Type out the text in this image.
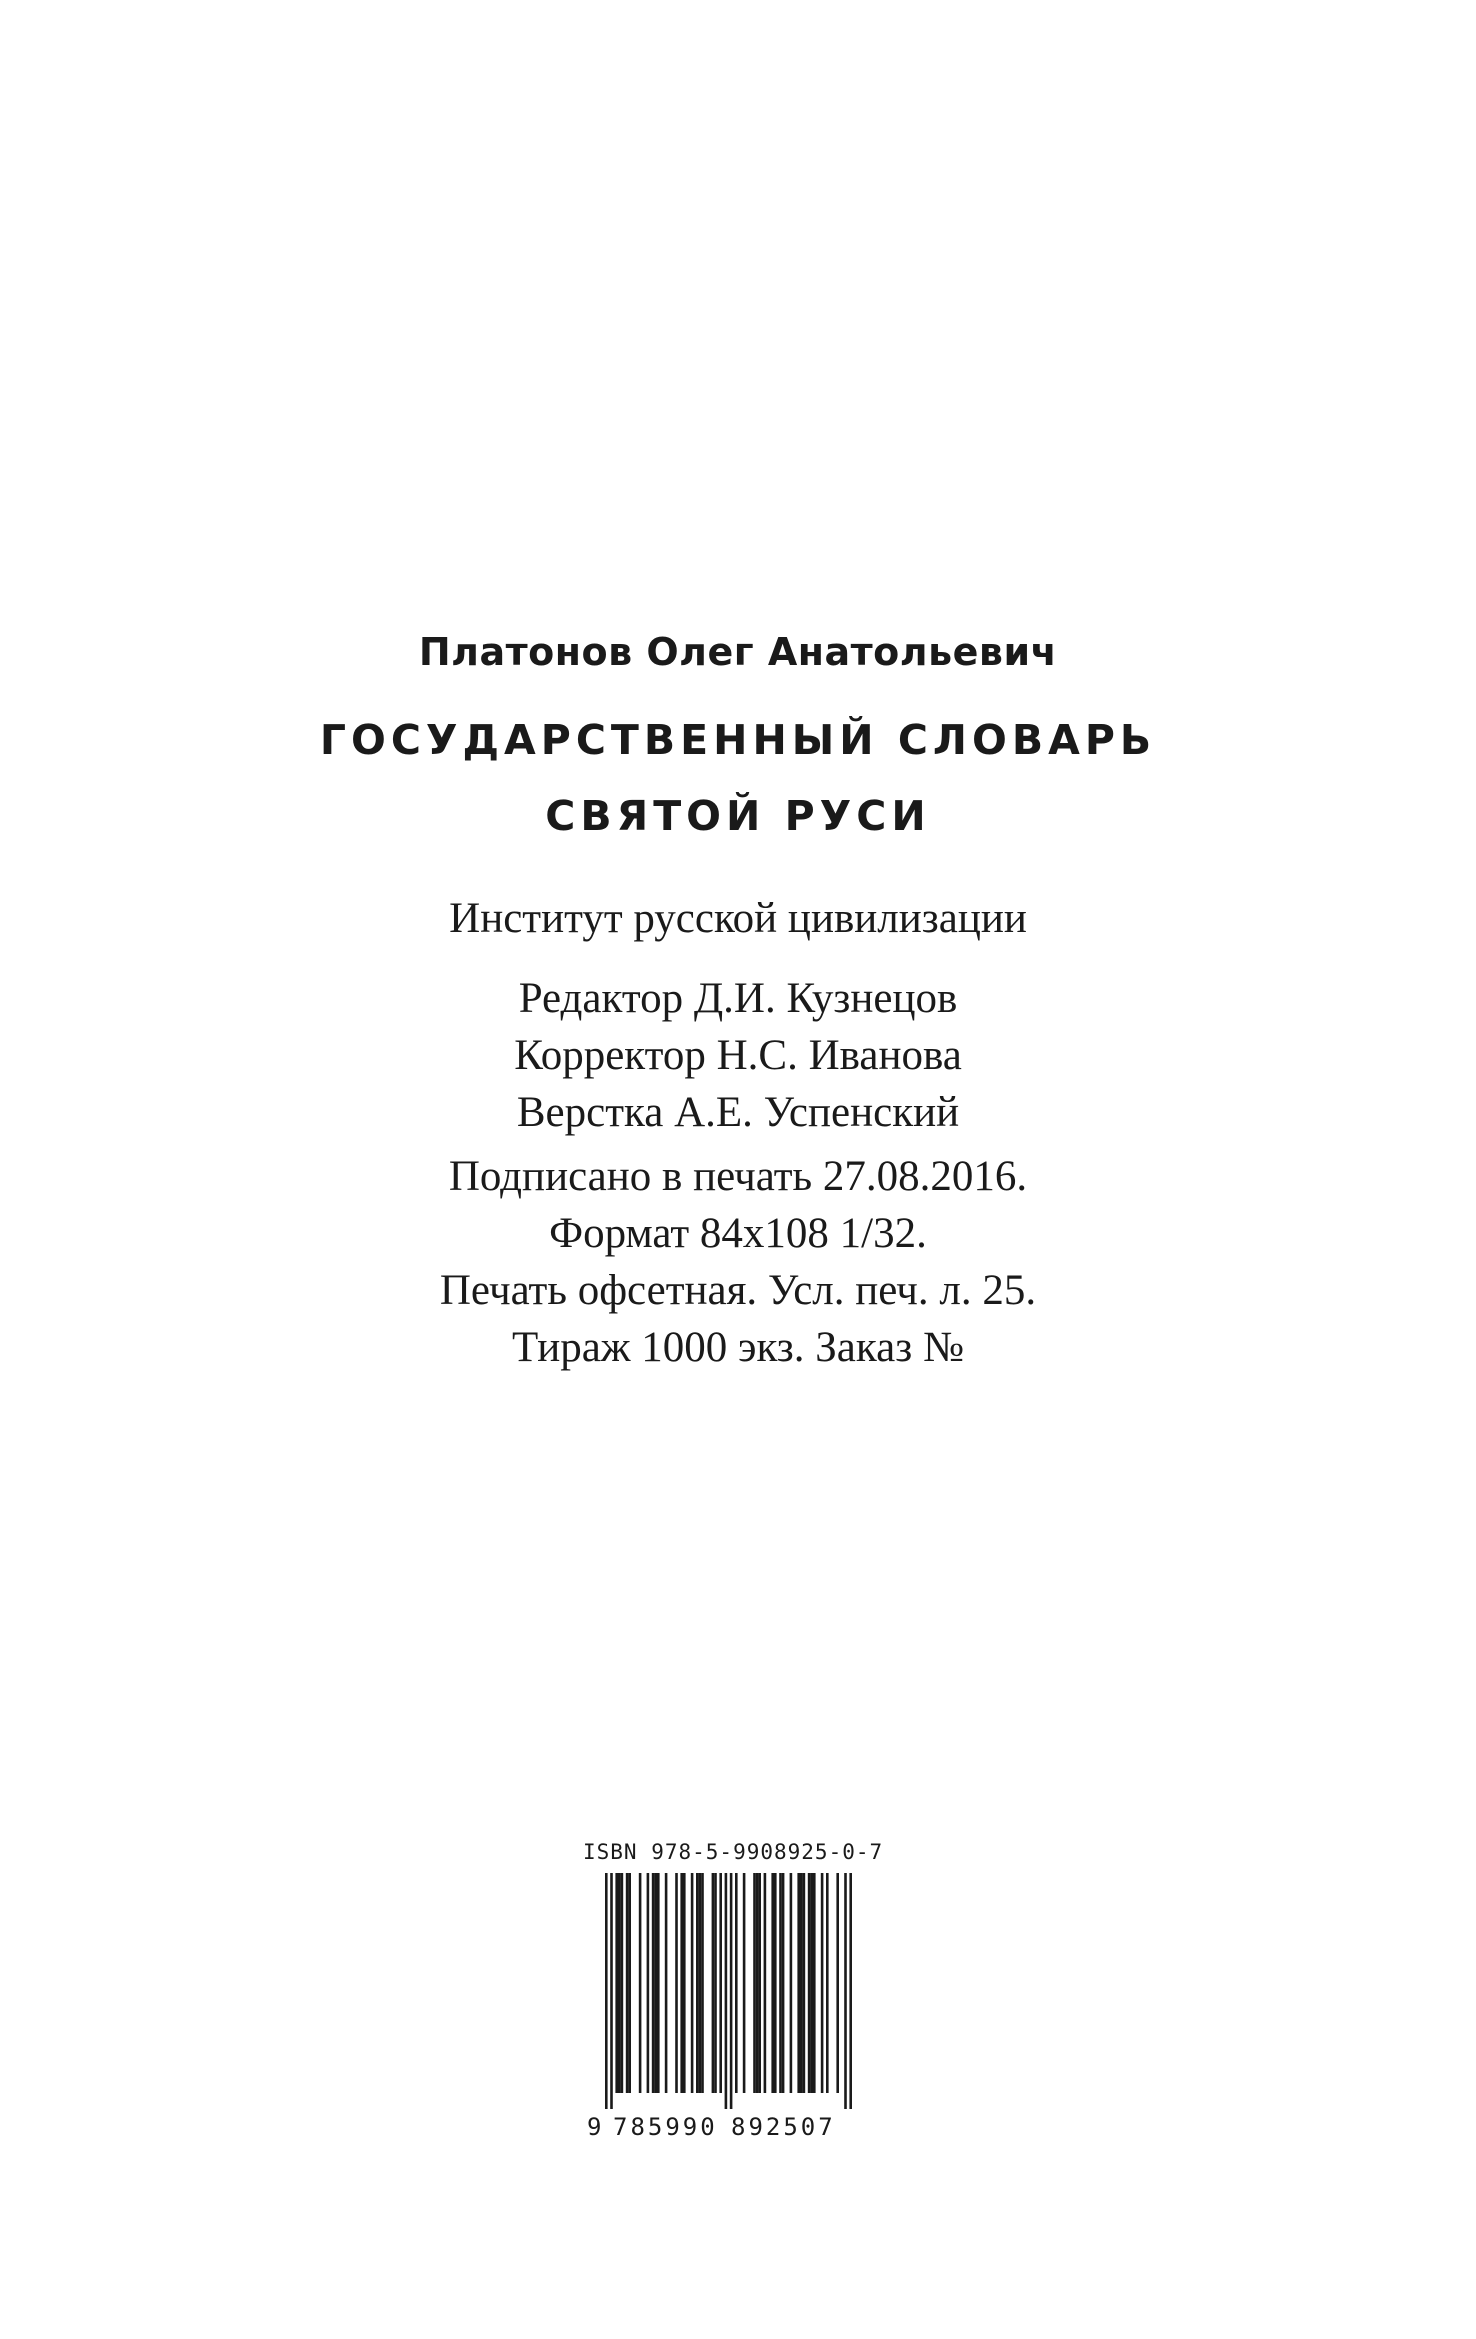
Платонов Олег Анатольевич
ГОСУДАРСТВЕННЫЙ СЛОВАРЬ
СВЯТОЙ РУСИ
Институт русской цивилизации
Редактор Д.И. Кузнецов
Корректор Н.С. Иванова
Верстка А.Е. Успенский
Подписано в печать 27.08.2016.
Формат 84x108 1/32.
Печать офсетная. Усл. печ. л. 25.
Тираж 1000 экз. Заказ №
ISBN 978-5-9908925-0-7
9 785990 892507
